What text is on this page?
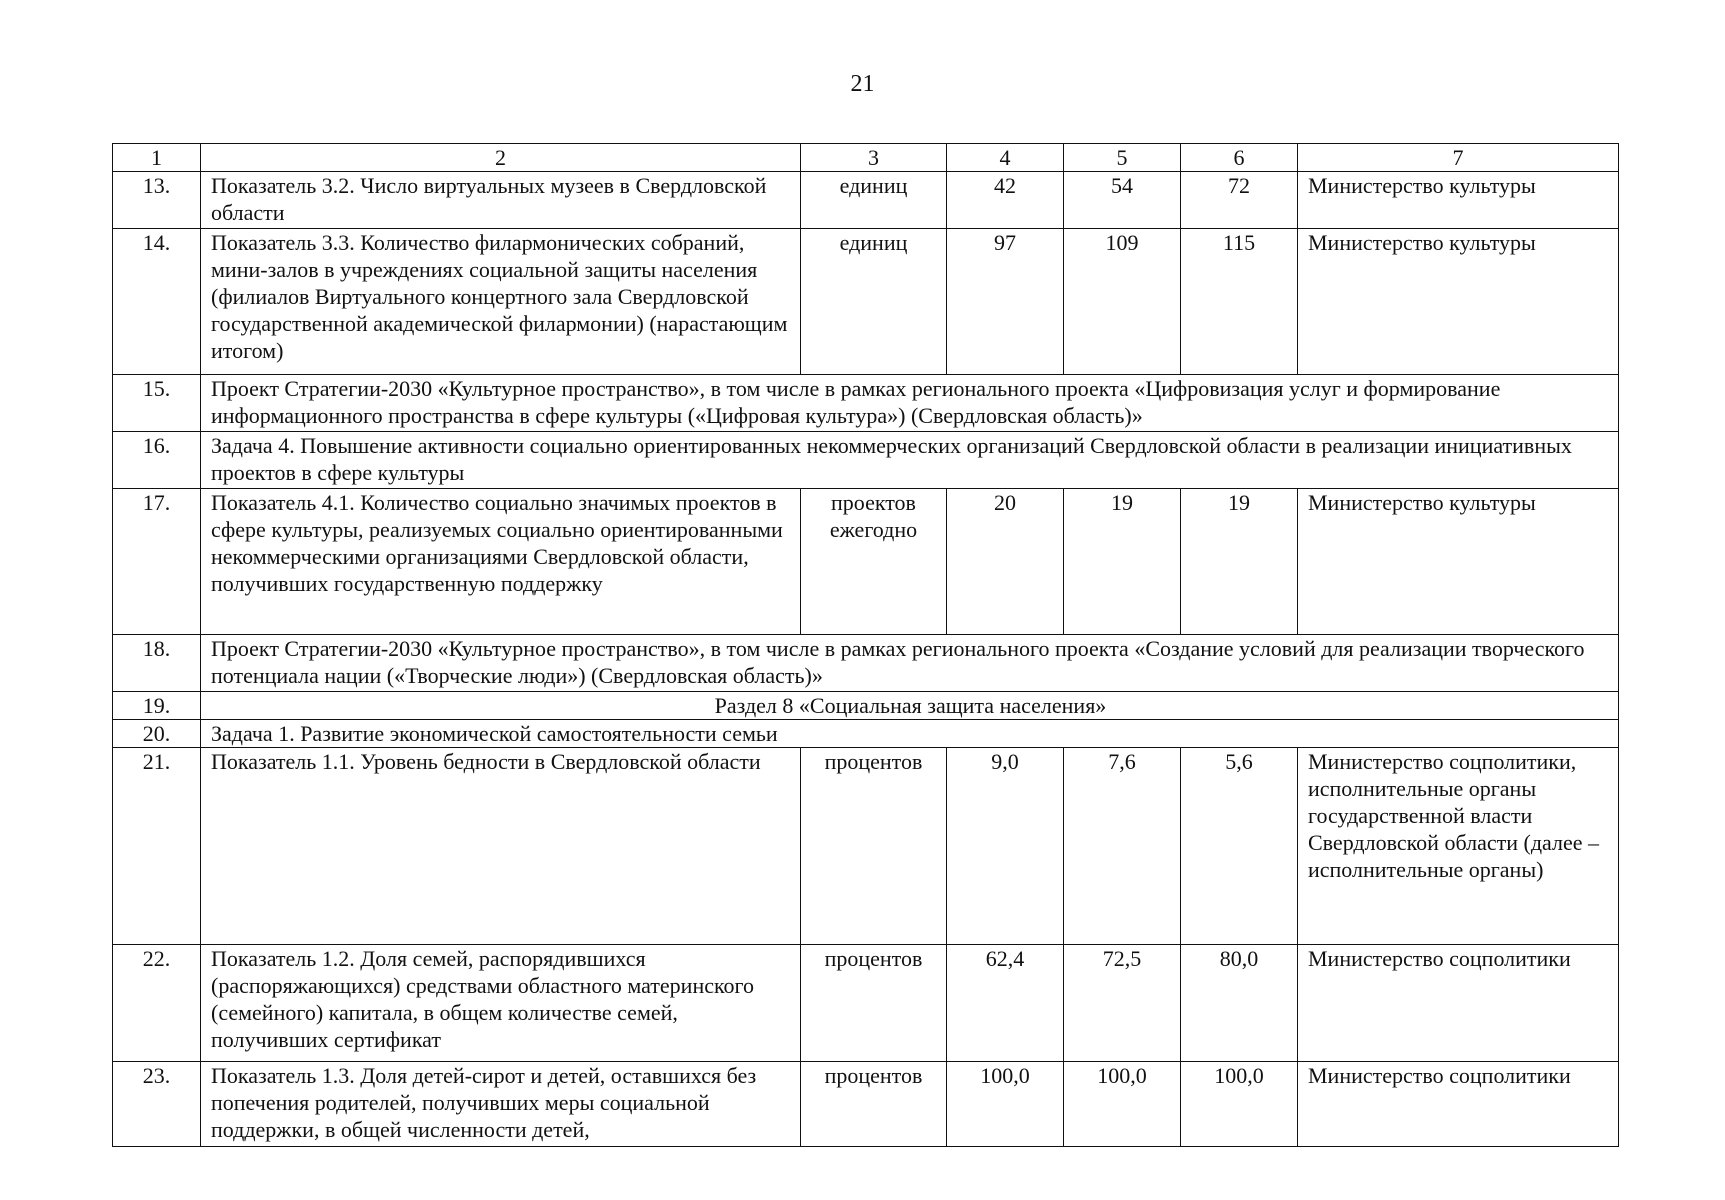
21
1	2	3	4	5	6	7
13.	Показатель 3.2. Число виртуальных музеев в Свердловской области	единиц	42	54	72	Министерство культуры
14.	Показатель 3.3. Количество филармонических собраний, мини-залов в учреждениях социальной защиты населения (филиалов Виртуального концертного зала Свердловской государственной академической филармонии) (нарастающим итогом)	единиц	97	109	115	Министерство культуры
15.	Проект Стратегии-2030 «Культурное пространство», в том числе в рамках регионального проекта «Цифровизация услуг и формирование информационного пространства в сфере культуры («Цифровая культура») (Свердловская область)»					
16.	Задача 4. Повышение активности социально ориентированных некоммерческих организаций Свердловской области в реализации инициативных проектов в сфере культуры					
17.	Показатель 4.1. Количество социально значимых проектов в сфере культуры, реализуемых социально ориентированными некоммерческими организациями Свердловской области, получивших государственную поддержку	проектов ежегодно	20	19	19	Министерство культуры
18.	Проект Стратегии-2030 «Культурное пространство», в том числе в рамках регионального проекта «Создание условий для реализации творческого потенциала нации («Творческие люди») (Свердловская область)»					
19.	Раздел 8 «Социальная защита населения»					
20.	Задача 1. Развитие экономической самостоятельности семьи					
21.	Показатель 1.1. Уровень бедности в Свердловской области	процентов	9,0	7,6	5,6	Министерство соцполитики, исполнительные органы государственной власти Свердловской области (далее – исполнительные органы)
22.	Показатель 1.2. Доля семей, распорядившихся (распоряжающихся) средствами областного материнского (семейного) капитала, в общем количестве семей, получивших сертификат	процентов	62,4	72,5	80,0	Министерство соцполитики
23.	Показатель 1.3. Доля детей-сирот и детей, оставшихся без попечения родителей, получивших меры социальной поддержки, в общей численности детей,	процентов	100,0	100,0	100,0	Министерство соцполитики
